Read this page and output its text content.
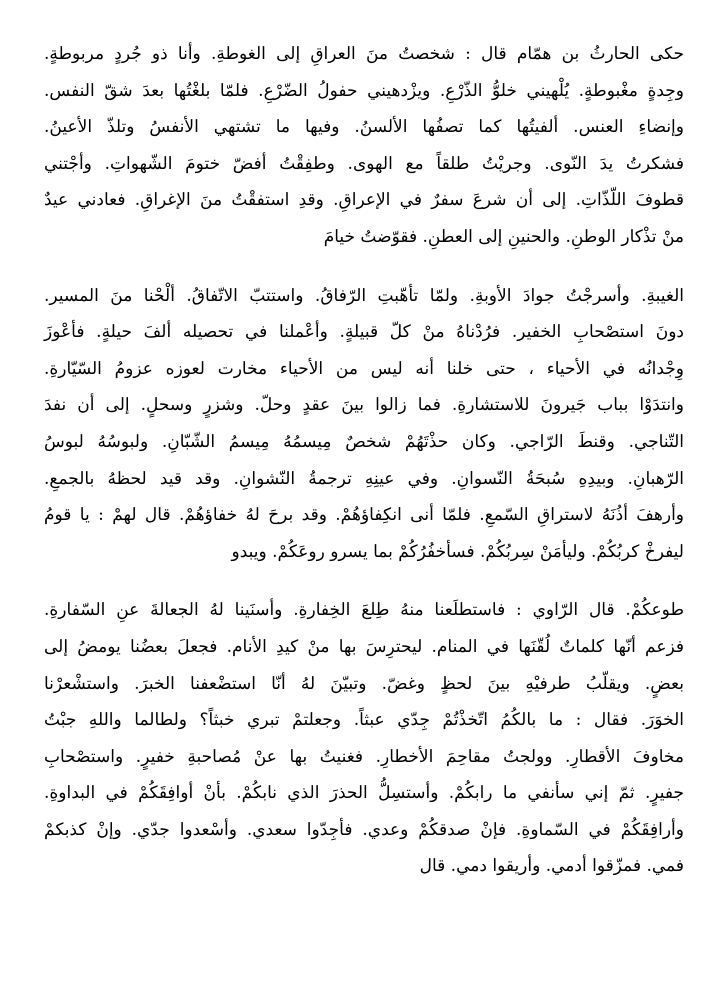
حكى الحارثُ بن همّام قال : شخصتُ منَ العراقِ إلى الغوطةِ. وأنا ذو جُردٍ مربوطةٍ.
وجِدةٍ مغْبوطةٍ. يُلْهيني خلوُّ الذّرْعِ. ويزْدهيني حفولُ الضّرْعِ. فلمّا بلغْتُها بعدَ شقّ النفس.
وإنضاءِ العنس. ألفيتُها كما تصفُها الألسنُ. وفيها ما تشتهي الأنفسُ وتلذّ الأعينُ.
فشكرتُ يدَ النّوى. وجريْتُ طلقاً مع الهوى. وطفِقْتُ أفضّ ختومَ الشّهواتِ. وأجْتني
قطوفَ اللّذّاتِ. إلى أن شرعَ سفرٌ في الإعراقِ. وقدِ استفقْتُ منَ الإغراقِ. فعادني عيدٌ
منْ تذْكار الوطنِ. والحنينِ إلى العطنِ. فقوّضتُ خيامَ
الغيبةِ. وأسرجْتُ جوادَ الأوبةِ. ولمّا تأهّبتِ الرّفاقُ. واستتبّ الاتّفاقُ. ألْحْنا منَ المسير.
دونَ استصْحابِ الخفير. فرُدْناهُ منْ كلّ قبيلةٍ. وأعْملنا في تحصيله ألفَ حيلةٍ. فأعْوزَ
وِجْدانُه في الأحياء ، حتى خلنا أنه ليس من الأحياء مخارت لعوزه عزومُ السّيّارةِ.
وانتدَوْا بباب جَيرونَ للاستشارةِ. فما زالوا بينَ عقدٍ وحلّ. وشزرٍ وسحلٍ. إلى أن نفدَ
التّناجي. وقنطَ الرّاجي. وكان حذْتَهُمْ شخصٌ مِيسمُهُ مِيسمُ الشّبّانِ. ولبوسُهُ لبوسُ
الرّهبانِ. وبيدِهِ سُبحَةُ النّسوانِ. وفي عينِهِ ترجمةُ النّشوانِ. وقد قيد لحظهُ بالجمعِ.
وأرهفَ أذُنَهُ لاستراقِ السّمعِ. فلمّا أنى انكِفاؤهُمْ. وقد برحَ لهُ خفاؤهُمْ. قال لهمْ : يا قومُ
ليفرخْ كربُكُمْ. وليأمَنْ سِربُكُمْ. فسأخفُرُكُمْ بما يسرو روعَكُمْ. ويبدو
طوعكُمْ. قال الرّاوي : فاستطلَعنا منهُ طِلعَ الخِفارةِ. وأسنَينا لهُ الجعالةَ عنِ السّفارةِ.
فزعم أنّها كلماتٌ لُقّنَها في المنام. ليحترِسَ بها منْ كيدِ الأنام. فجعلَ بعضُنا يومضُ إلى
بعضٍ. ويقلّبُ طرفيْهِ بينَ لحظٍ وغضّ. وتبيّنَ لهُ أنّا استضْعفنا الخبرَ. واستشْعرْنا
الخوَرَ. فقال : ما بالكُمُ اتّخذْتُمْ جِدّي عبثاً. وجعلتمْ تبري خبثاً؟ ولطالما واللهِ جبْتُ
مخاوفَ الأقطارِ. وولجتُ مقاحِمَ الأخطارِ. فغنيتُ بها عنْ مُصاحبةِ خفيرٍ. واستصْحابِ
جفيرٍ. ثمّ إني سأنفي ما رابكُمْ. وأستسِلُّ الحذرَ الذي نابكُمْ. بأنْ أوافِقَكُمْ في البداوةِ.
وأرافِقَكُمْ في السّماوةِ. فإنْ صدقكُمْ وعدي. فأجِدّوا سعدي. وأسْعدوا جدّي. وإنْ كذبكمْ
فمي. فمزّقوا أدمي. وأريقوا دمي. قال
